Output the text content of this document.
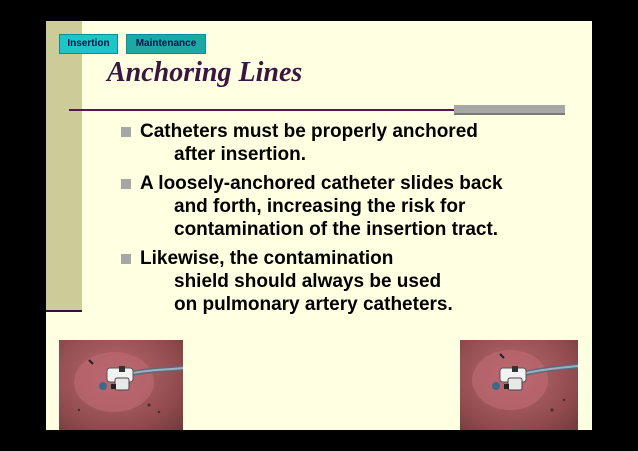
Insertion	Maintenance
Anchoring Lines
Catheters must be properly anchored
after insertion.
A loosely-anchored catheter slides back
and forth, increasing the risk for
contamination of the insertion tract.
Likewise, the contamination
shield should always be used
on pulmonary artery catheters.
